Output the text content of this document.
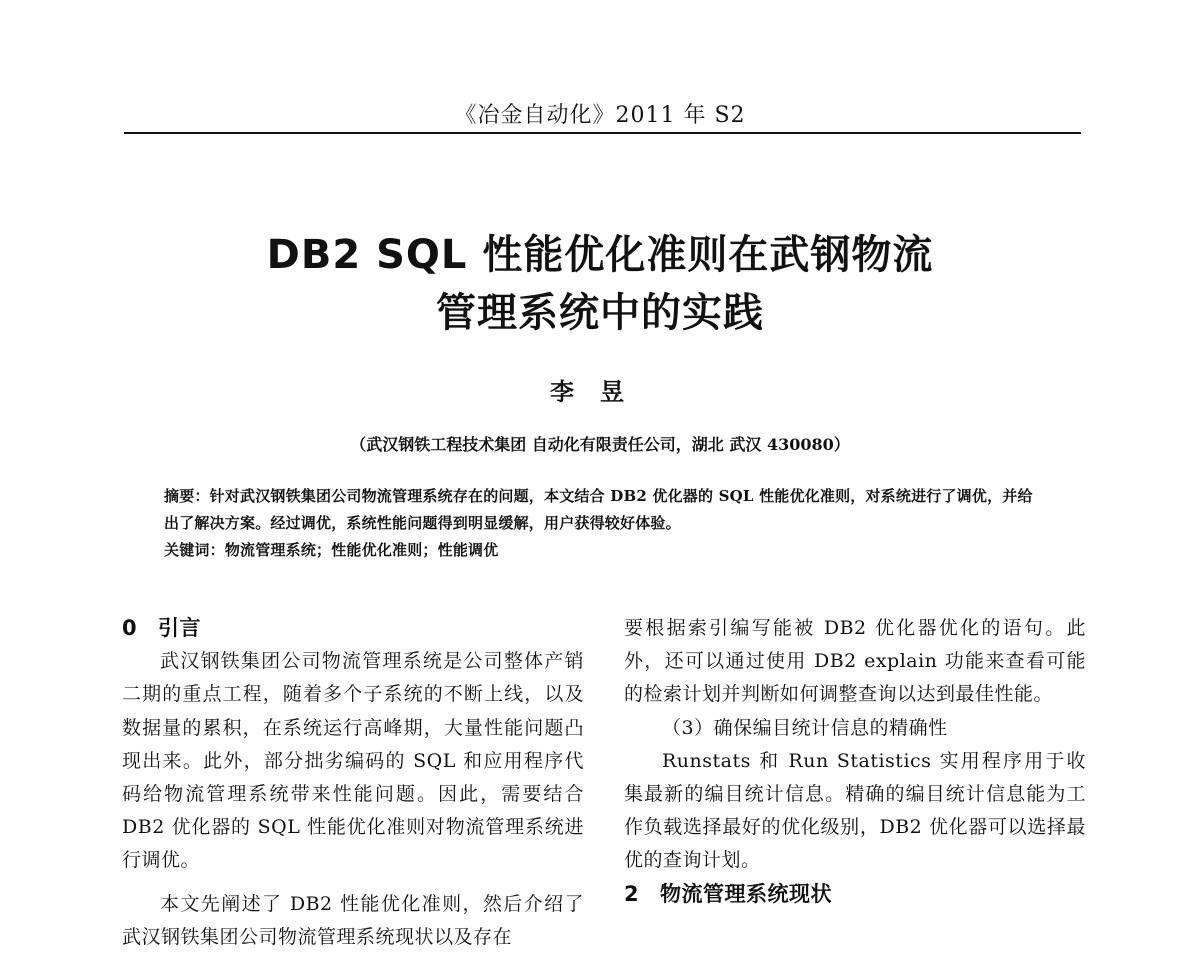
《冶金自动化》2011 年 S2
DB2 SQL 性能优化准则在武钢物流
管理系统中的实践
李昱
（武汉钢铁工程技术集团 自动化有限责任公司，湖北 武汉 430080）
摘要：针对武汉钢铁集团公司物流管理系统存在的问题，本文结合 DB2 优化器的 SQL 性能优化准则，对系统进行了调优，并给出了解决方案。经过调优，系统性能问题得到明显缓解，用户获得较好体验。
关键词：物流管理系统；性能优化准则；性能调优
0 引言

武汉钢铁集团公司物流管理系统是公司整体产销二期的重点工程，随着多个子系统的不断上线，以及数据量的累积，在系统运行高峰期，大量性能问题凸现出来。此外，部分拙劣编码的 SQL 和应用程序代码给物流管理系统带来性能问题。因此，需要结合 DB2 优化器的 SQL 性能优化准则对物流管理系统进行调优。

本文先阐述了 DB2 性能优化准则，然后介绍了武汉钢铁集团公司物流管理系统现状以及存在

要根据索引编写能被 DB2 优化器优化的语句。此外，还可以通过使用 DB2 explain 功能来查看可能的检索计划并判断如何调整查询以达到最佳性能。

（3）确保编目统计信息的精确性

Runstats 和 Run Statistics 实用程序用于收集最新的编目统计信息。精确的编目统计信息能为工作负载选择最好的优化级别，DB2 优化器可以选择最优的查询计划。

2 物流管理系统现状
